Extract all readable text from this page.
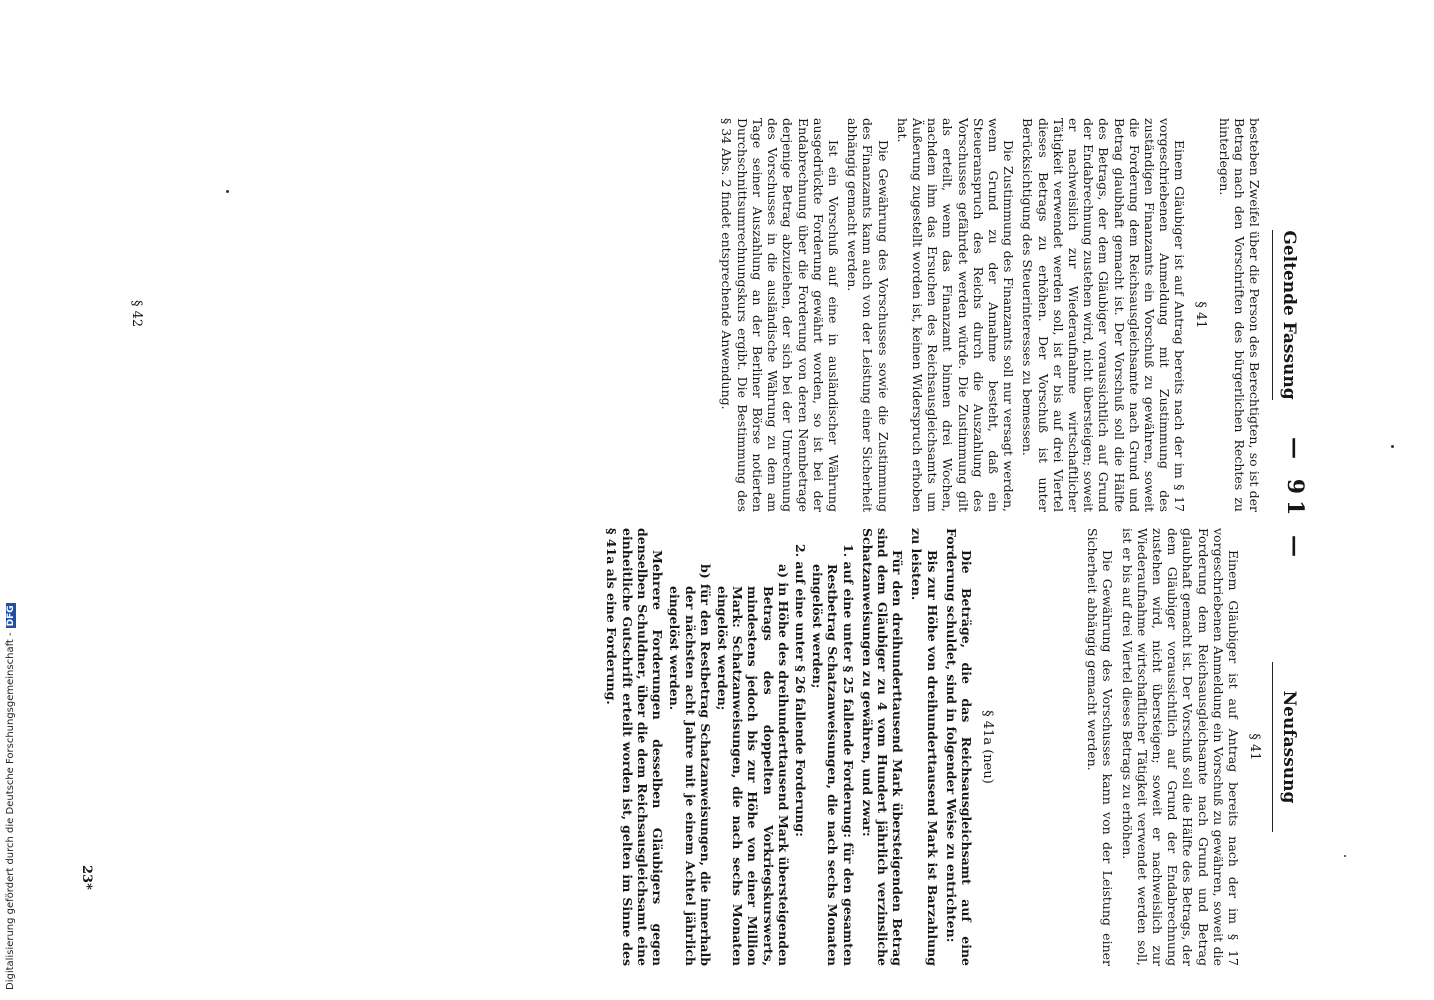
— 91 —
Geltende Fassung

besteben Zweifel über die Person des Berechtigten, so ist der Betrag nach den Vorschriften des bürgerlichen Rechtes zu hinterlegen.

§ 41

Einem Gläubiger ist auf Antrag bereits nach der im § 17 vorgeschriebenen Anmeldung mit Zustimmung des zuständigen Finanzamts ein Vorschuß zu gewähren, soweit die Forderung dem Reichsausgleichsamte nach Grund und Betrag glaubhaft gemacht ist. Der Vorschuß soll die Hälfte des Betrags, der dem Gläubiger voraussichtlich auf Grund der Endabrechnung zustehen wird, nicht übersteigen; soweit er nachweislich zur Wiederaufnahme wirtschaftlicher Tätigkeit verwendet werden soll, ist er bis auf drei Viertel dieses Betrags zu erhöhen. Der Vorschuß ist unter Berücksichtigung des Steuerinteresses zu bemessen.

Die Zustimmung des Finanzamts soll nur versagt werden, wenn Grund zu der Annahme besteht, daß ein Steueranspruch des Reichs durch die Auszahlung des Vorschusses gefährdet werden würde. Die Zustimmung gilt als erteilt, wenn das Finanzamt binnen drei Wochen, nachdem ihm das Ersuchen des Reichsausgleichsamts um Äußerung zugestellt worden ist, keinen Widerspruch erhoben hat.

Die Gewährung des Vorschusses sowie die Zustimmung des Finanzamts kann auch von der Leistung einer Sicherheit abhängig gemacht werden.

Ist ein Vorschuß auf eine in ausländischer Währung ausgedrückte Forderung gewährt worden, so ist bei der Endabrechnung über die Forderung von deren Nennbetrage derjenige Betrag abzuziehen, der sich bei der Umrechnung des Vorschusses in die ausländische Währung zu dem am Tage seiner Auszahlung an der Berliner Börse notierten Durchschnittsumrechnungskurs ergibt. Die Bestimmung des § 34 Abs. 2 findet entsprechende Anwendung.

Neufassung
§ 41

Einem Gläubiger ist auf Antrag bereits nach der im § 17 vorgeschriebenen Anmeldung ein Vorschuß zu gewähren, soweit die Forderung dem Reichsausgleichsamte nach Grund und Betrag glaubhaft gemacht ist. Der Vorschuß soll die Hälfte des Betrags, der dem Gläubiger voraussichtlich auf Grund der Endabrechnung zustehen wird, nicht übersteigen; soweit er nachweislich zur Wiederaufnahme wirtschaftlicher Tätigkeit verwendet werden soll, ist er bis auf drei Viertel dieses Betrags zu erhöhen.

Die Gewährung des Vorschusses kann von der Leistung einer Sicherheit abhängig gemacht werden.

§ 41a (neu)

Die Beträge, die das Reichsausgleichsamt auf eine Forderung schuldet, sind in folgender Weise zu entrichten:

Bis zur Höhe von dreihunderttausend Mark ist Barzahlung zu leisten.

Für den dreihunderttausend Mark übersteigenden Betrag sind dem Gläubiger zu 4 vom Hundert jährlich verzinsliche Schatzanweisungen zu gewähren, und zwar:

1. auf eine unter § 25 fallende Forderung: für den gesamten Restbetrag Schatzanweisungen, die nach sechs Monaten eingelöst werden;

2. auf eine unter § 26 fallende Forderung:

a) in Höhe des dreihunderttausend Mark übersteigenden Betrags des doppelten Vorkriegskurswerts, mindestens jedoch bis zur Höhe von einer Million Mark: Schatzanweisungen, die nach sechs Monaten eingelöst werden;

b) für den Restbetrag Schatzanweisungen, die innerhalb der nächsten acht Jahre mit je einem Achtel jährlich eingelöst werden.

Mehrere Forderungen desselben Gläubigers gegen denselben Schuldner, über die dem Reichsausgleichsamt eine einheitliche Gutschrift erteilt worden ist, gelten im Sinne des § 41a als eine Forderung.

§ 42
23*
Digitalisierung gefördert durch die Deutsche Forschungsgemeinschaft -
DFG
